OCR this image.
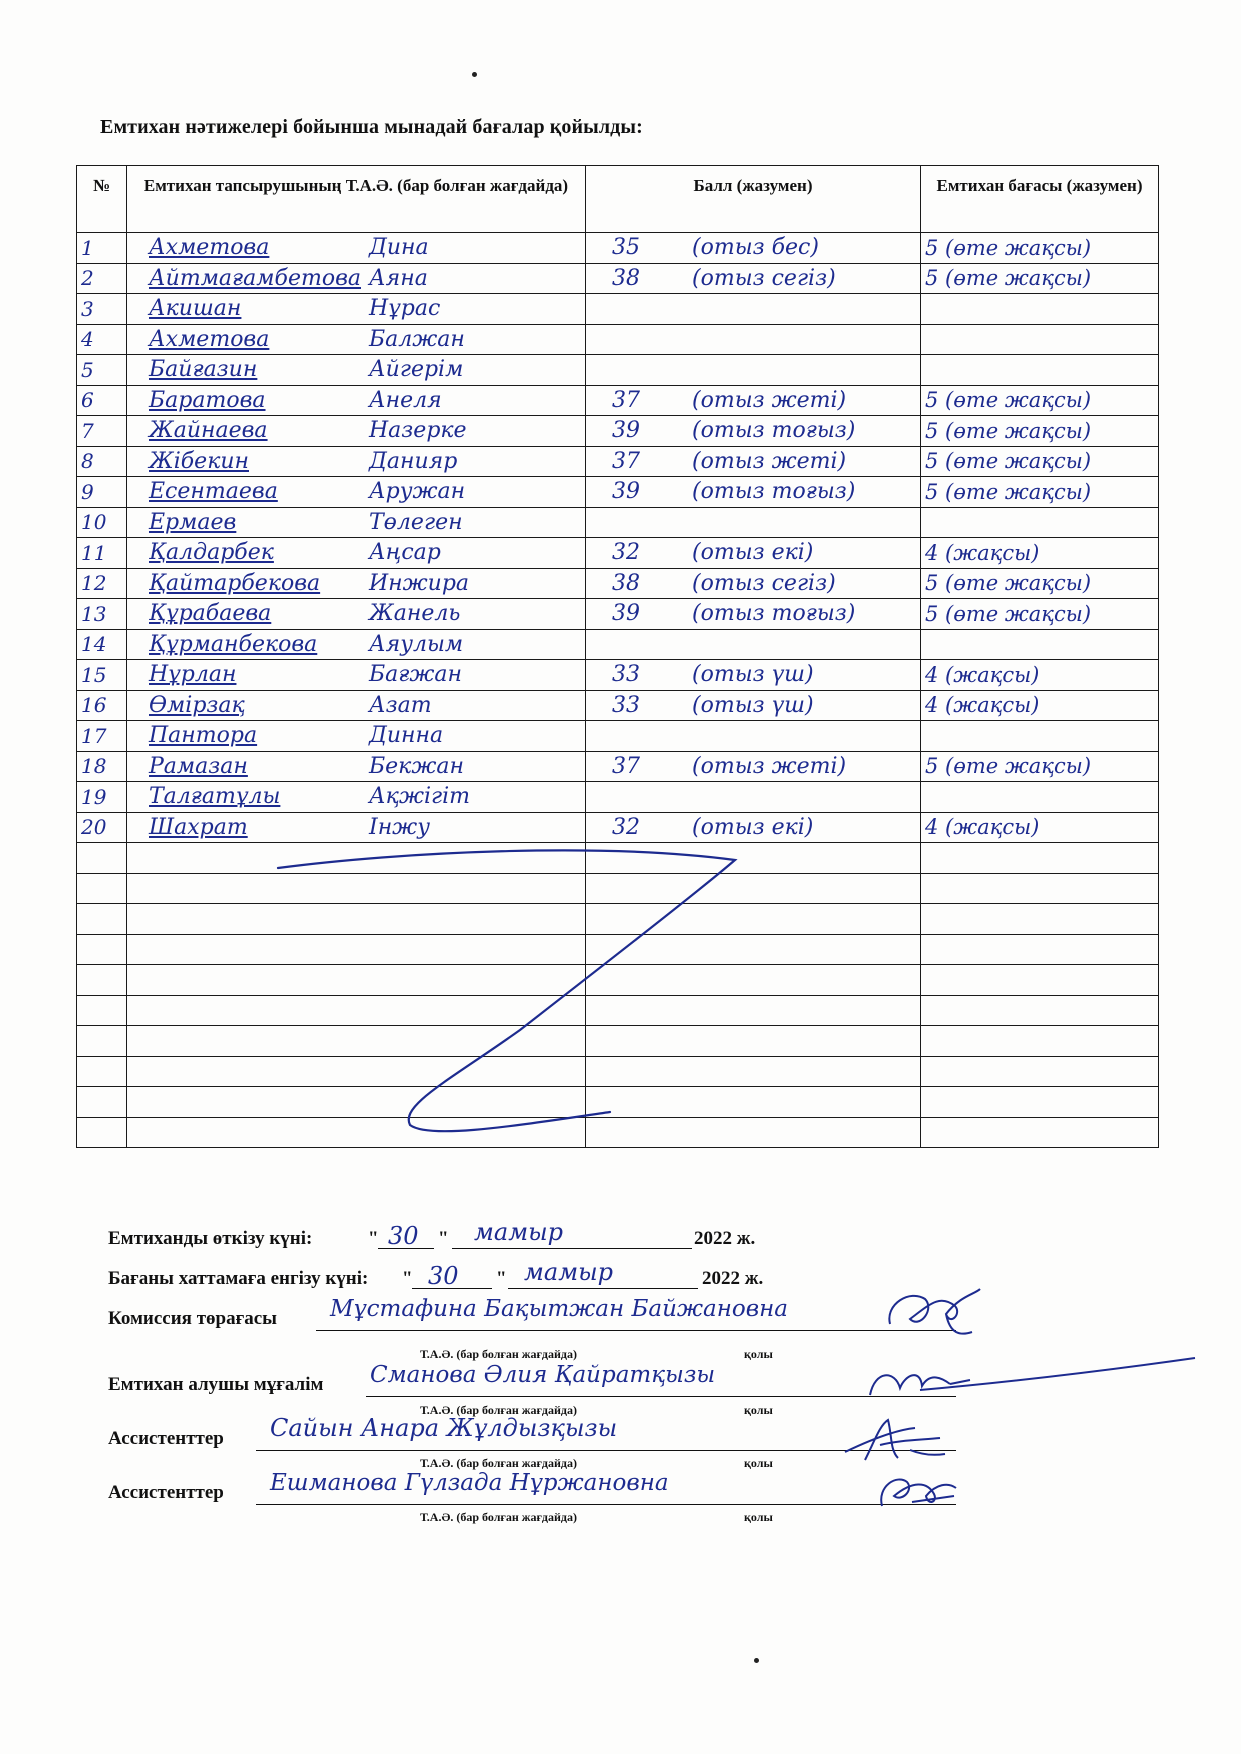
Емтихан нәтижелері бойынша мынадай бағалар қойылды:
№	Емтихан тапсырушының Т.А.Ә. (бар болған жағдайда)	Балл (жазумен)	Емтихан бағасы (жазумен)
1	Ахметова Дина	35 (отыз бес)	5 (өте жақсы)
2	Айтмағамбетова Аяна	38 (отыз сегіз)	5 (өте жақсы)
3	Акишан Нұрас		
4	Ахметова Балжан		
5	Байғазин Айгерім		
6	Баратова Анеля	37 (отыз жеті)	5 (өте жақсы)
7	Жайнаева Назерке	39 (отыз тоғыз)	5 (өте жақсы)
8	Жібекин Данияр	37 (отыз жеті)	5 (өте жақсы)
9	Есентаева Аружан	39 (отыз тоғыз)	5 (өте жақсы)
10	Ермаев Төлеген		
11	Қалдарбек Аңсар	32 (отыз екі)	4 (жақсы)
12	Қайтарбекова Инжира	38 (отыз сегіз)	5 (өте жақсы)
13	Құрабаева Жанель	39 (отыз тоғыз)	5 (өте жақсы)
14	Құрманбекова Аяулым		
15	Нұрлан Бағжан	33 (отыз үш)	4 (жақсы)
16	Өмірзақ Азат	33 (отыз үш)	4 (жақсы)
17	Пантора Динна		
18	Рамазан Бекжан	37 (отыз жеті)	5 (өте жақсы)
19	Талғатұлы Ақжігіт		
20	Шахрат Інжу	32 (отыз екі)	4 (жақсы)

Емтиханды өткізу күні:	" 30 " мамыр	2022 ж.
Бағаны хаттамаға енгізу күні: " 30 " мамыр	2022 ж.
Комиссия төрағасы Мұстафина Бақытжан Байжановна
Т.А.Ә. (бар болған жағдайда)	қолы
Емтихан алушы мұғалім Сманова Әлия Қайратқызы
Т.А.Ә. (бар болған жағдайда)	қолы
Ассистенттер Сайын Анара Жұлдызқызы
Т.А.Ә. (бар болған жағдайда)	қолы
Ассистенттер Ешманова Гүлзада Нұржановна
Т.А.Ә. (бар болған жағдайда)	қолы
